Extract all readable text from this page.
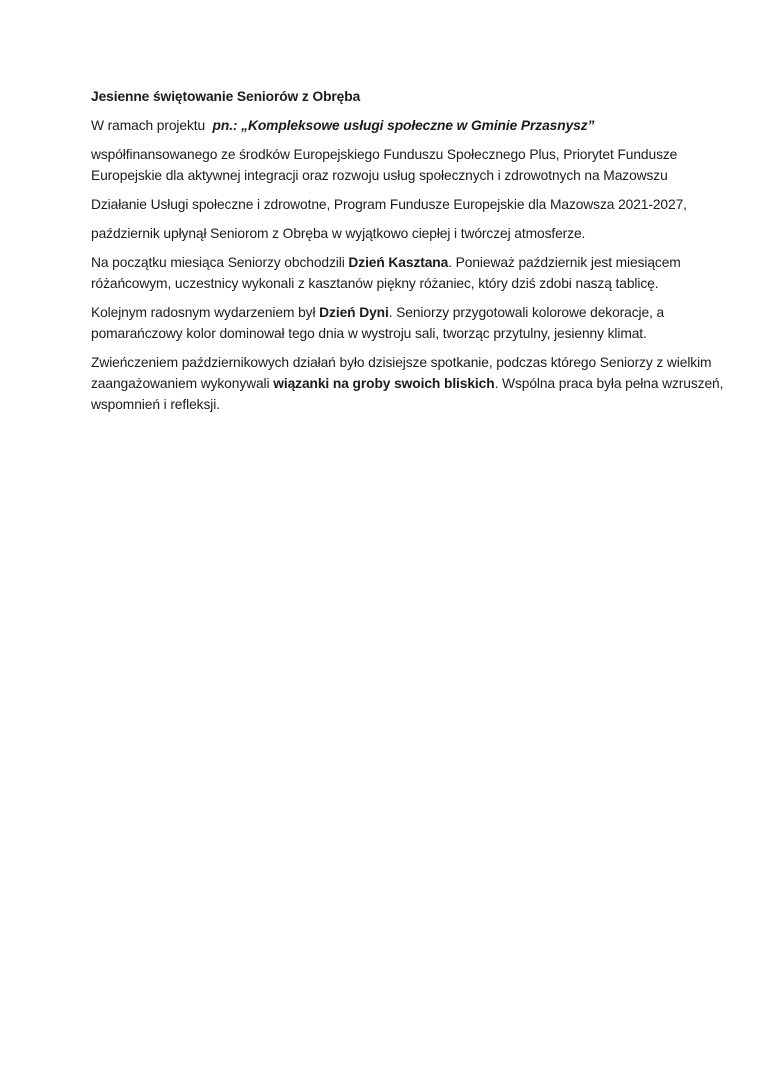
Jesienne świętowanie Seniorów z Obręba

W ramach projektu  pn.: „Kompleksowe usługi społeczne w Gminie Przasnysz”

współfinansowanego ze środków Europejskiego Funduszu Społecznego Plus, Priorytet Fundusze
Europejskie dla aktywnej integracji oraz rozwoju usług społecznych i zdrowotnych na Mazowszu

Działanie Usługi społeczne i zdrowotne, Program Fundusze Europejskie dla Mazowsza 2021-2027,

październik upłynął Seniorom z Obręba w wyjątkowo ciepłej i twórczej atmosferze.

Na początku miesiąca Seniorzy obchodzili Dzień Kasztana. Ponieważ październik jest miesiącem
różańcowym, uczestnicy wykonali z kasztanów piękny różaniec, który dziś zdobi naszą tablicę.

Kolejnym radosnym wydarzeniem był Dzień Dyni. Seniorzy przygotowali kolorowe dekoracje, a
pomarańczowy kolor dominował tego dnia w wystroju sali, tworząc przytulny, jesienny klimat.

Zwieńczeniem październikowych działań było dzisiejsze spotkanie, podczas którego Seniorzy z wielkim
zaangażowaniem wykonywali wiązanki na groby swoich bliskich. Wspólna praca była pełna wzruszeń,
wspomnień i refleksji.
